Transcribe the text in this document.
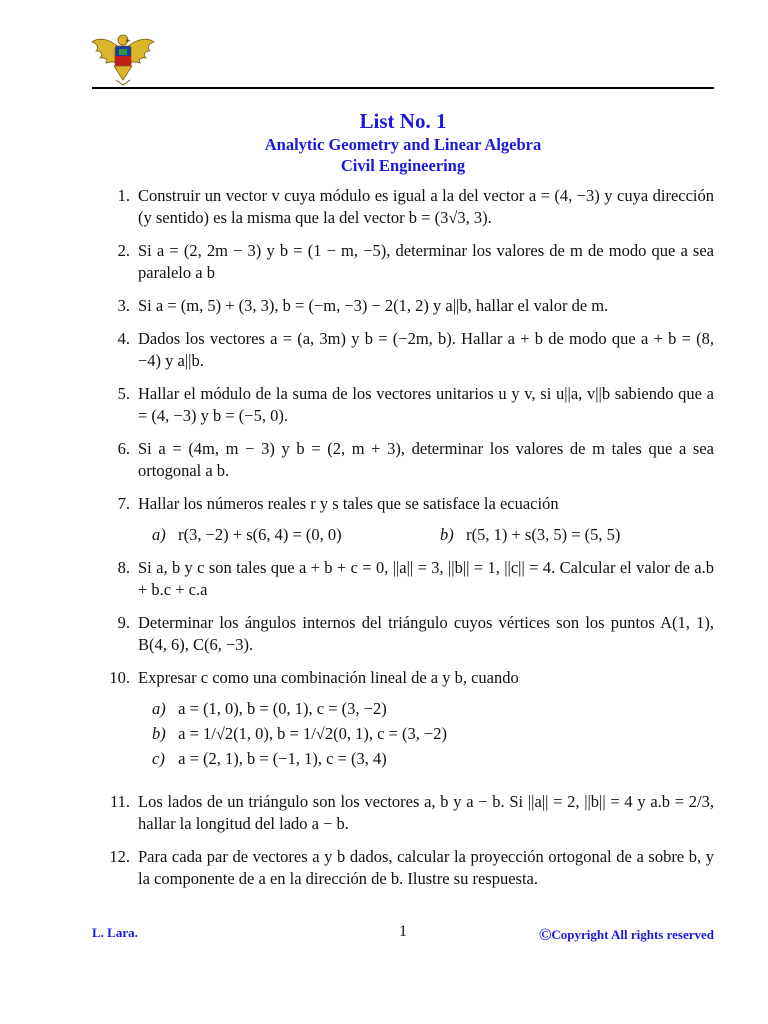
List No. 1
Analytic Geometry and Linear Algebra
Civil Engineering
1. Construir un vector v cuya módulo es igual a la del vector a = (4, −3) y cuya dirección (y sentido) es la misma que la del vector b = (3√3, 3).
2. Si a = (2, 2m − 3) y b = (1 − m, −5), determinar los valores de m de modo que a sea paralelo a b
3. Si a = (m, 5) + (3, 3), b = (−m, −3) − 2(1, 2) y a||b, hallar el valor de m.
4. Dados los vectores a = (a, 3m) y b = (−2m, b). Hallar a + b de modo que a + b = (8, −4) y a||b.
5. Hallar el módulo de la suma de los vectores unitarios u y v, si u||a, v||b sabiendo que a = (4, −3) y b = (−5, 0).
6. Si a = (4m, m − 3) y b = (2, m + 3), determinar los valores de m tales que a sea ortogonal a b.
7. Hallar los números reales r y s tales que se satisface la ecuación
a) r(3, −2) + s(6, 4) = (0, 0)	b) r(5, 1) + s(3, 5) = (5, 5)
8. Si a, b y c son tales que a + b + c = 0, ||a|| = 3, ||b|| = 1, ||c|| = 4. Calcular el valor de a.b + b.c + c.a
9. Determinar los ángulos internos del triángulo cuyos vértices son los puntos A(1, 1), B(4, 6), C(6, −3).
10. Expresar c como una combinación lineal de a y b, cuando
a) a = (1, 0), b = (0, 1), c = (3, −2)
b) a = 1/√2(1, 0), b = 1/√2(0, 1), c = (3, −2)
c) a = (2, 1), b = (−1, 1), c = (3, 4)
11. Los lados de un triángulo son los vectores a, b y a − b. Si ||a|| = 2, ||b|| = 4 y a.b = 2/3, hallar la longitud del lado a − b.
12. Para cada par de vectores a y b dados, calcular la proyección ortogonal de a sobre b, y la componente de a en la dirección de b. Ilustre su respuesta.
L. Lara.	1	©Copyright All rights reserved
